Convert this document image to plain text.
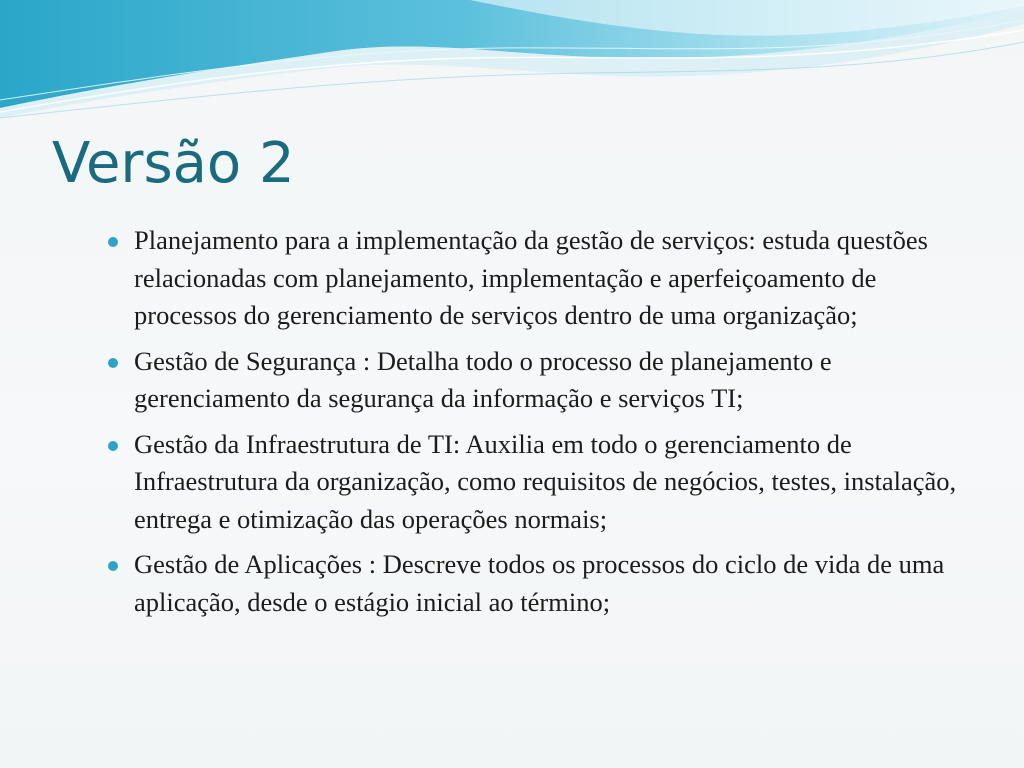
Versão 2
Planejamento para a implementação da gestão de serviços: estuda questões relacionadas com planejamento, implementação e aperfeiçoamento de processos do gerenciamento de serviços dentro de uma organização;
Gestão de Segurança : Detalha todo o processo de planejamento e gerenciamento da segurança da informação e serviços TI;
Gestão da Infraestrutura de TI: Auxilia em todo o gerenciamento de Infraestrutura da organização, como requisitos de negócios, testes, instalação, entrega e otimização das operações normais;
Gestão de Aplicações : Descreve todos os processos do ciclo de vida de uma aplicação, desde o estágio inicial ao término;
